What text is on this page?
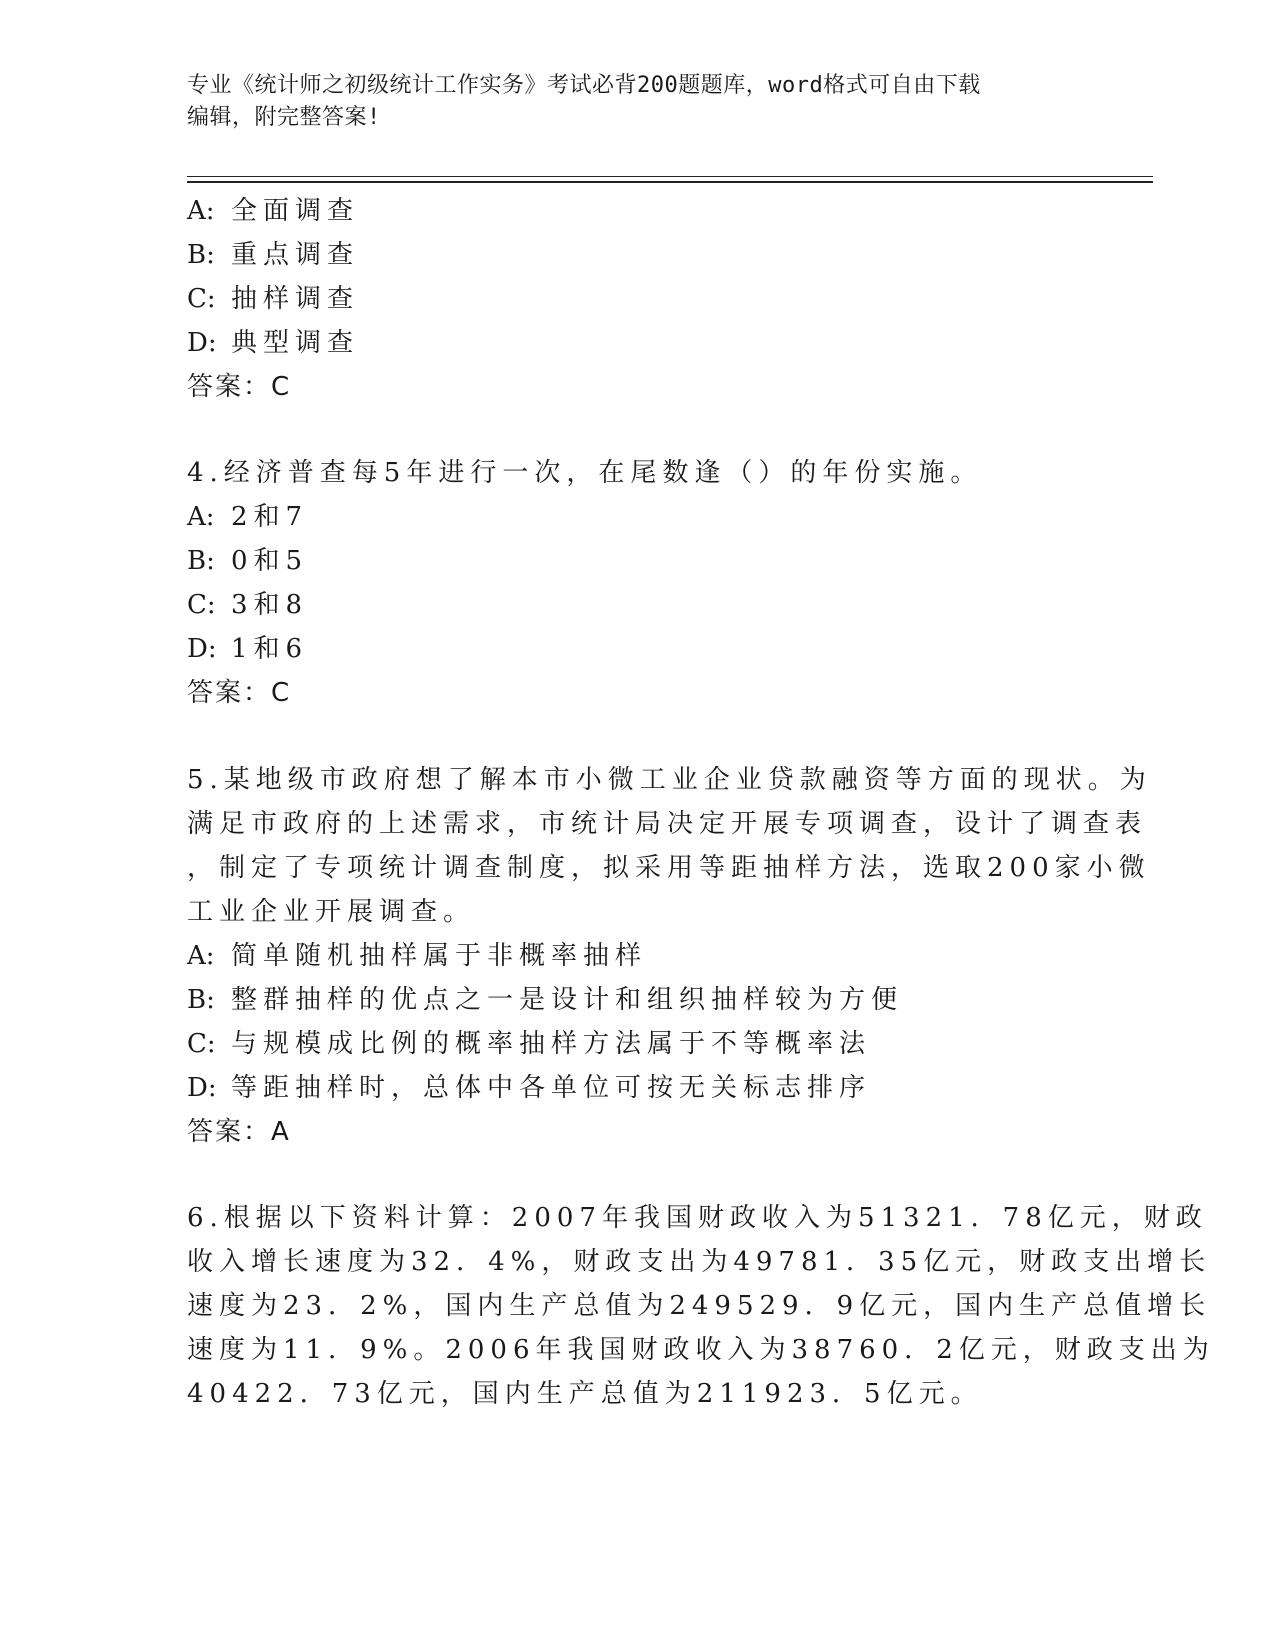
专业《统计师之初级统计工作实务》考试必背200题题库，word格式可自由下载
编辑，附完整答案!
A: 全面调查
B: 重点调查
C: 抽样调查
D: 典型调查
答案：C
4.经济普查每5年进行一次，在尾数逢（）的年份实施。
A: 2和7
B: 0和5
C: 3和8
D: 1和6
答案：C
5.某地级市政府想了解本市小微工业企业贷款融资等方面的现状。为
满足市政府的上述需求，市统计局决定开展专项调查，设计了调查表
，制定了专项统计调查制度，拟采用等距抽样方法，选取200家小微
工业企业开展调查。
A: 简单随机抽样属于非概率抽样
B: 整群抽样的优点之一是设计和组织抽样较为方便
C: 与规模成比例的概率抽样方法属于不等概率法
D: 等距抽样时，总体中各单位可按无关标志排序
答案：A
6.根据以下资料计算：2007年我国财政收入为51321．78亿元，财政
收入增长速度为32．4%，财政支出为49781．35亿元，财政支出增长
速度为23．2%，国内生产总值为249529．9亿元，国内生产总值增长
速度为11．9%。2006年我国财政收入为38760．2亿元，财政支出为
40422．73亿元，国内生产总值为211923．5亿元。
